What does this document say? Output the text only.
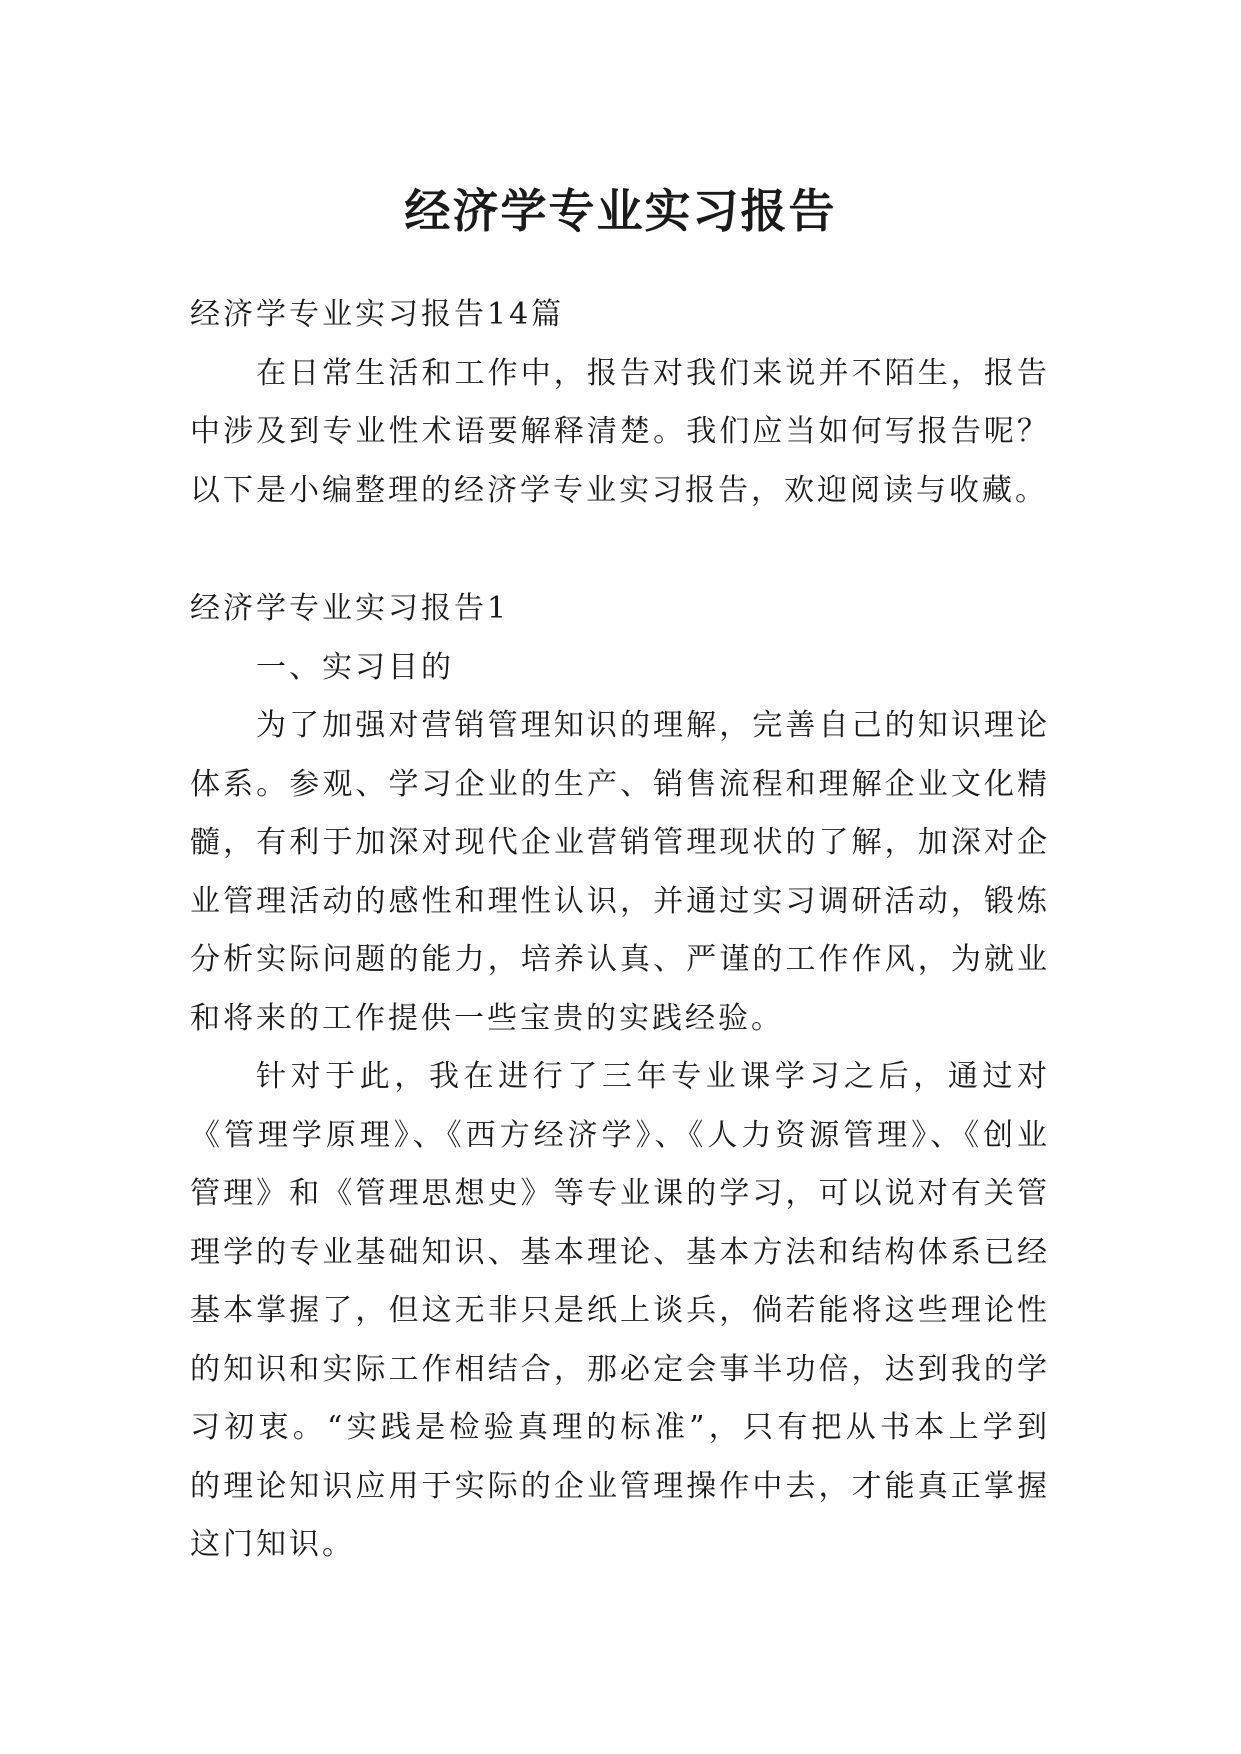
经济学专业实习报告

经济学专业实习报告14篇

在日常生活和工作中，报告对我们来说并不陌生，报告中涉及到专业性术语要解释清楚。我们应当如何写报告呢？以下是小编整理的经济学专业实习报告，欢迎阅读与收藏。

经济学专业实习报告1

一、实习目的

为了加强对营销管理知识的理解，完善自己的知识理论体系。参观、学习企业的生产、销售流程和理解企业文化精髓，有利于加深对现代企业营销管理现状的了解，加深对企业管理活动的感性和理性认识，并通过实习调研活动，锻炼分析实际问题的能力，培养认真、严谨的工作作风，为就业和将来的工作提供一些宝贵的实践经验。

针对于此，我在进行了三年专业课学习之后，通过对《管理学原理》、《西方经济学》、《人力资源管理》、《创业管理》和《管理思想史》等专业课的学习，可以说对有关管理学的专业基础知识、基本理论、基本方法和结构体系已经基本掌握了，但这无非只是纸上谈兵，倘若能将这些理论性的知识和实际工作相结合，那必定会事半功倍，达到我的学习初衷。“实践是检验真理的标准”，只有把从书本上学到的理论知识应用于实际的企业管理操作中去，才能真正掌握这门知识。
